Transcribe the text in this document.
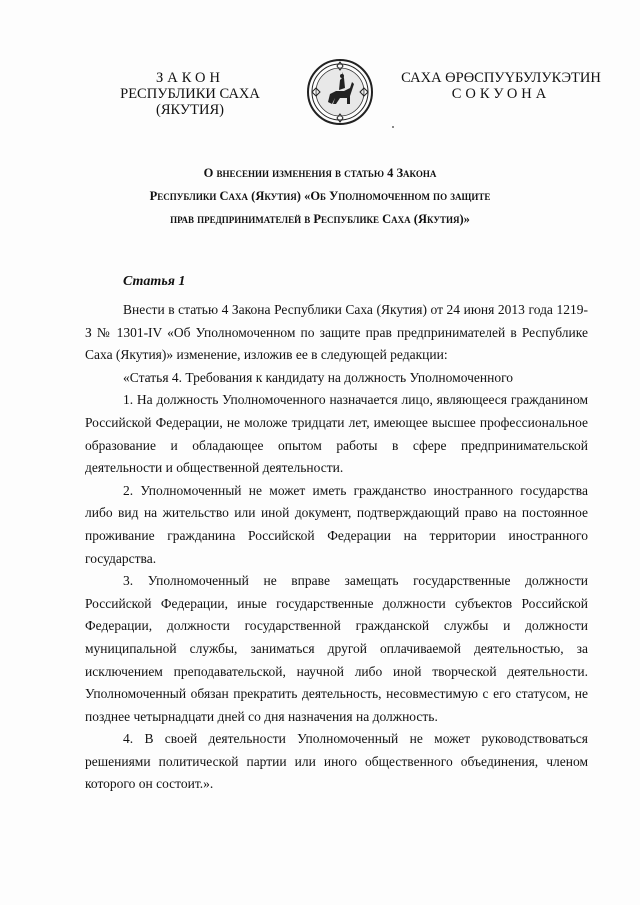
ЗАКОН
РЕСПУБЛИКИ САХА (ЯКУТИЯ)
САХА ӨРӨСПУҮБУЛУКЭТИН
СОКУОНА
О внесении изменения в статью 4 Закона
Республики Саха (Якутия) «Об Уполномоченном по защите
прав предпринимателей в Республике Саха (Якутия)»
Статья 1

Внести в статью 4 Закона Республики Саха (Якутия) от 24 июня 2013 года 1219-З № 1301-IV «Об Уполномоченном по защите прав предпринимателей в Республике Саха (Якутия)» изменение, изложив ее в следующей редакции:

«Статья 4. Требования к кандидату на должность Уполномоченного

1. На должность Уполномоченного назначается лицо, являющееся гражданином Российской Федерации, не моложе тридцати лет, имеющее высшее профессиональное образование и обладающее опытом работы в сфере предпринимательской деятельности и общественной деятельности.

2. Уполномоченный не может иметь гражданство иностранного государства либо вид на жительство или иной документ, подтверждающий право на постоянное проживание гражданина Российской Федерации на территории иностранного государства.

3. Уполномоченный не вправе замещать государственные должности Российской Федерации, иные государственные должности субъектов Российской Федерации, должности государственной гражданской службы и должности муниципальной службы, заниматься другой оплачиваемой деятельностью, за исключением преподавательской, научной либо иной творческой деятельности. Уполномоченный обязан прекратить деятельность, несовместимую с его статусом, не позднее четырнадцати дней со дня назначения на должность.

4. В своей деятельности Уполномоченный не может руководствоваться решениями политической партии или иного общественного объединения, членом которого он состоит.».
